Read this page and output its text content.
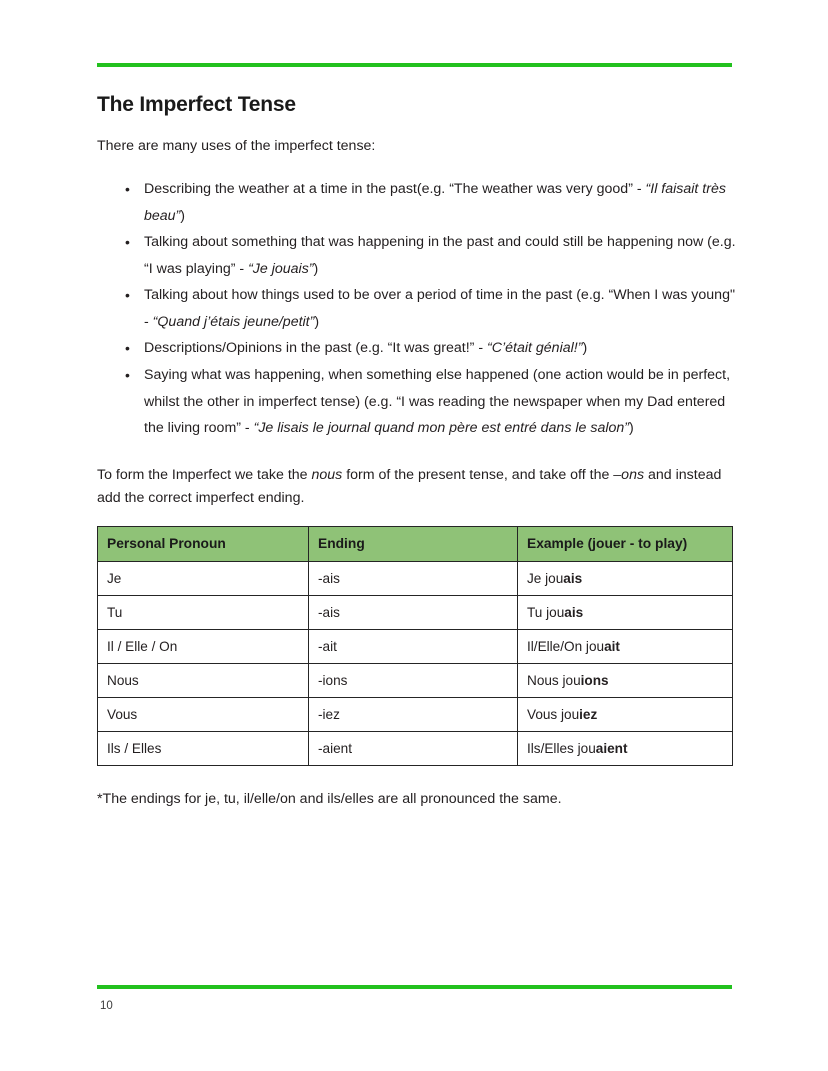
The Imperfect Tense

There are many uses of the imperfect tense:

• Describing the weather at a time in the past(e.g. “The weather was very good” - “Il faisait très beau”)
• Talking about something that was happening in the past and could still be happening now (e.g. “I was playing” - “Je jouais”)
• Talking about how things used to be over a period of time in the past (e.g. “When I was young" - “Quand j’étais jeune/petit”)
• Descriptions/Opinions in the past (e.g. “It was great!” - “C’était génial!”)
• Saying what was happening, when something else happened (one action would be in perfect, whilst the other in imperfect tense) (e.g. “I was reading the newspaper when my Dad entered the living room” - “Je lisais le journal quand mon père est entré dans le salon”)

To form the Imperfect we take the nous form of the present tense, and take off the –ons and instead add the correct imperfect ending.

Personal Pronoun	Ending	Example (jouer - to play)
Je	-ais	Je jouais
Tu	-ais	Tu jouais
Il / Elle / On	-ait	Il/Elle/On jouait
Nous	-ions	Nous jouions
Vous	-iez	Vous jouiez
Ils / Elles	-aient	Ils/Elles jouaient

*The endings for je, tu, il/elle/on and ils/elles are all pronounced the same.

10
